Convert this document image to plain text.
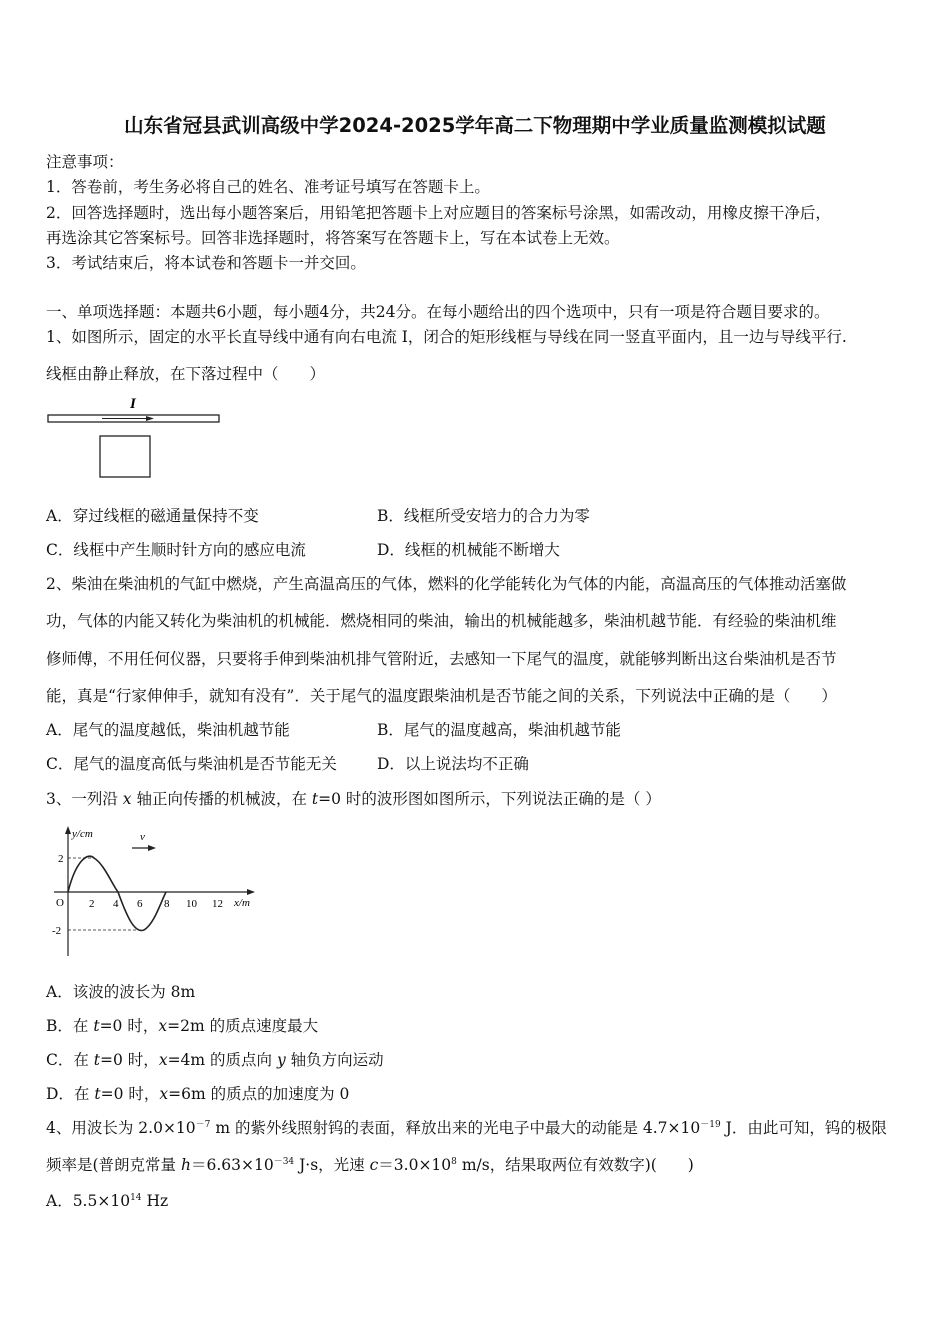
山东省冠县武训高级中学2024-2025学年高二下物理期中学业质量监测模拟试题
注意事项：
1．答卷前，考生务必将自己的姓名、准考证号填写在答题卡上。
2．回答选择题时，选出每小题答案后，用铅笔把答题卡上对应题目的答案标号涂黑，如需改动，用橡皮擦干净后，
再选涂其它答案标号。回答非选择题时，将答案写在答题卡上，写在本试卷上无效。
3．考试结束后，将本试卷和答题卡一并交回。
一、单项选择题：本题共6小题，每小题4分，共24分。在每小题给出的四个选项中，只有一项是符合题目要求的。
1、如图所示，固定的水平长直导线中通有向右电流 I，闭合的矩形线框与导线在同一竖直平面内，且一边与导线平行.
线框由静止释放，在下落过程中（　　）
I
A．穿过线框的磁通量保持不变	B．线框所受安培力的合力为零
C．线框中产生顺时针方向的感应电流	D．线框的机械能不断增大
2、柴油在柴油机的气缸中燃烧，产生高温高压的气体，燃料的化学能转化为气体的内能，高温高压的气体推动活塞做
功，气体的内能又转化为柴油机的机械能．燃烧相同的柴油，输出的机械能越多，柴油机越节能．有经验的柴油机维
修师傅，不用任何仪器，只要将手伸到柴油机排气管附近，去感知一下尾气的温度，就能够判断出这台柴油机是否节
能，真是“行家伸伸手，就知有没有”．关于尾气的温度跟柴油机是否节能之间的关系，下列说法中正确的是（　　）
A．尾气的温度越低，柴油机越节能	B．尾气的温度越高，柴油机越节能
C．尾气的温度高低与柴油机是否节能无关	D．以上说法均不正确
3、一列沿 x 轴正向传播的机械波，在 t=0 时的波形图如图所示，下列说法正确的是（ ）
y/cm
x/m
O
2
-2
2 4 6 8 10 12
v
A．该波的波长为 8m
B．在 t=0 时，x=2m 的质点速度最大
C．在 t=0 时，x=4m 的质点向 y 轴负方向运动
D．在 t=0 时，x=6m 的质点的加速度为 0
4、用波长为 $2.0\times 10^{-7}$ m 的紫外线照射钨的表面，释放出来的光电子中最大的动能是 $4.7\times 10^{-19}$ J．由此可知，钨的极限
频率是(普朗克常量 $h=6.63\times 10^{-34}$ J·s，光速 $c=3.0\times 10^8$ m/s，结果取两位有效数字)(　　)
A．$5.5\times 10^{14}$ Hz
